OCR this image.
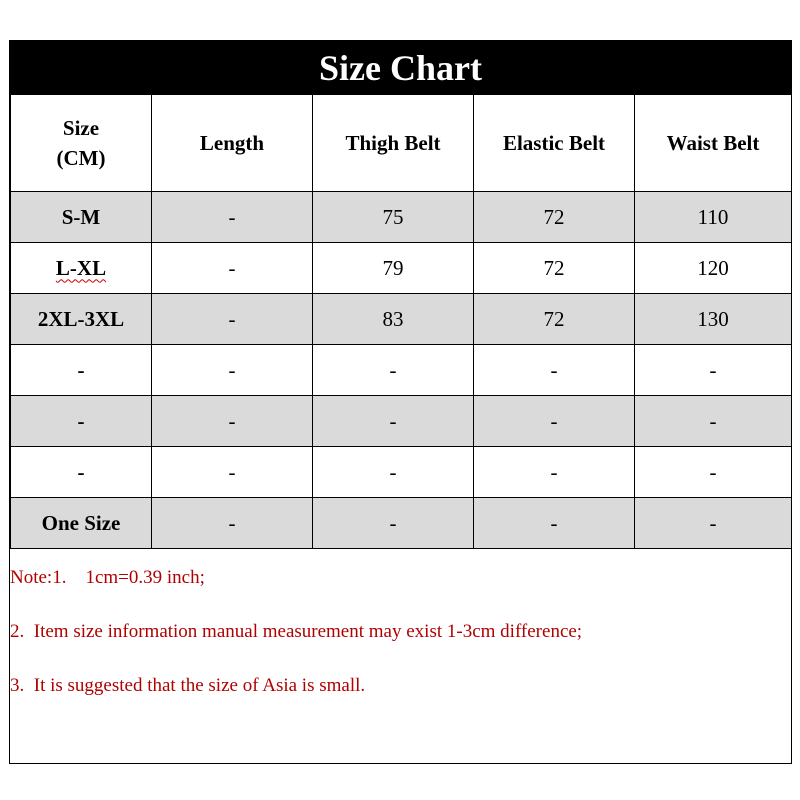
Size Chart
Size
(CM)	Length	Thigh Belt	Elastic Belt	Waist Belt
S-M	-	75	72	110
L-XL	-	79	72	120
2XL-3XL	-	83	72	130
-	-	-	-	-
-	-	-	-	-
-	-	-	-	-
One Size	-	-	-	-
Note:1.    1cm=0.39 inch;
2.  Item size information manual measurement may exist 1-3cm difference;
3.  It is suggested that the size of Asia is small.
